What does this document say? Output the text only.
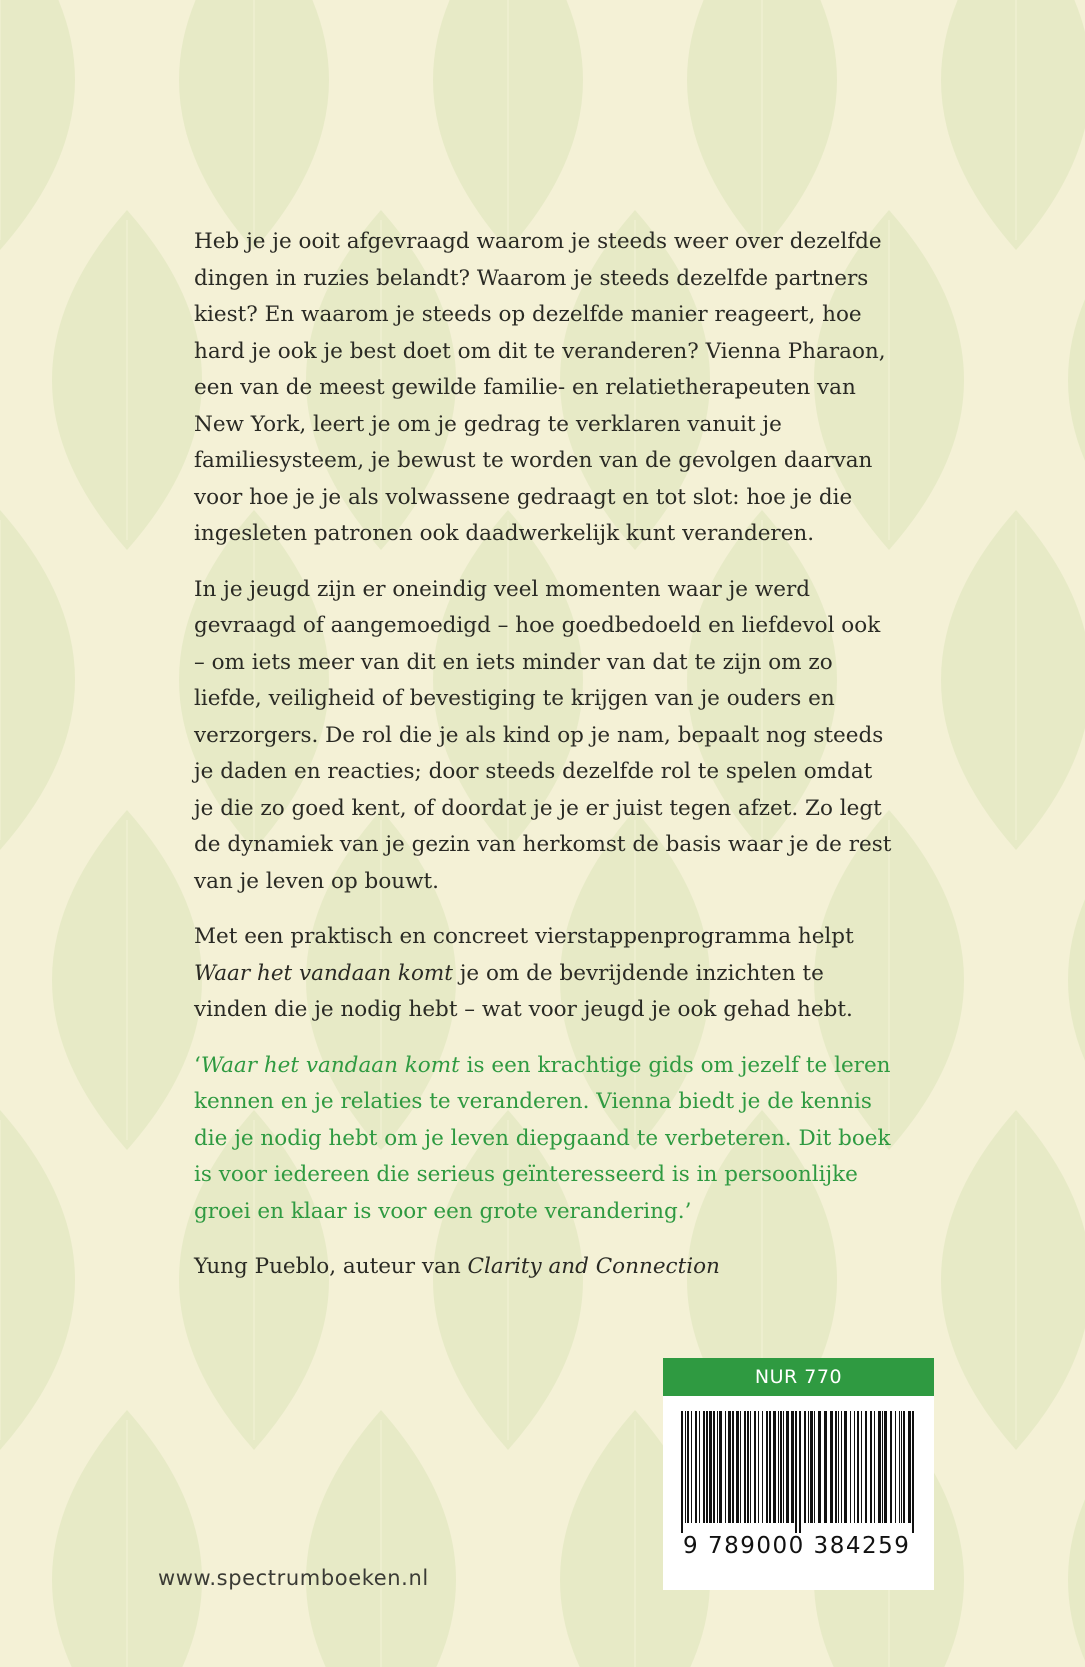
Heb je je ooit afgevraagd waarom je steeds weer over dezelfde dingen in ruzies belandt? Waarom je steeds dezelfde partners kiest? En waarom je steeds op dezelfde manier reageert, hoe hard je ook je best doet om dit te veranderen? Vienna Pharaon, een van de meest gewilde familie- en relatietherapeuten van New York, leert je om je gedrag te verklaren vanuit je familiesysteem, je bewust te worden van de gevolgen daarvan voor hoe je je als volwassene gedraagt en tot slot: hoe je die ingesleten patronen ook daadwerkelijk kunt veranderen.

In je jeugd zijn er oneindig veel momenten waar je werd gevraagd of aangemoedigd – hoe goedbedoeld en liefdevol ook – om iets meer van dit en iets minder van dat te zijn om zo liefde, veiligheid of bevestiging te krijgen van je ouders en verzorgers. De rol die je als kind op je nam, bepaalt nog steeds je daden en reacties; door steeds dezelfde rol te spelen omdat je die zo goed kent, of doordat je je er juist tegen afzet. Zo legt de dynamiek van je gezin van herkomst de basis waar je de rest van je leven op bouwt.

Met een praktisch en concreet vierstappenprogramma helpt Waar het vandaan komt je om de bevrijdende inzichten te vinden die je nodig hebt – wat voor jeugd je ook gehad hebt.

‘Waar het vandaan komt is een krachtige gids om jezelf te leren kennen en je relaties te veranderen. Vienna biedt je de kennis die je nodig hebt om je leven diepgaand te verbeteren. Dit boek is voor iedereen die serieus geïnteresseerd is in persoonlijke groei en klaar is voor een grote verandering.’

Yung Pueblo, auteur van Clarity and Connection

www.spectrumboeken.nl
NUR 770
9 789000 384259
